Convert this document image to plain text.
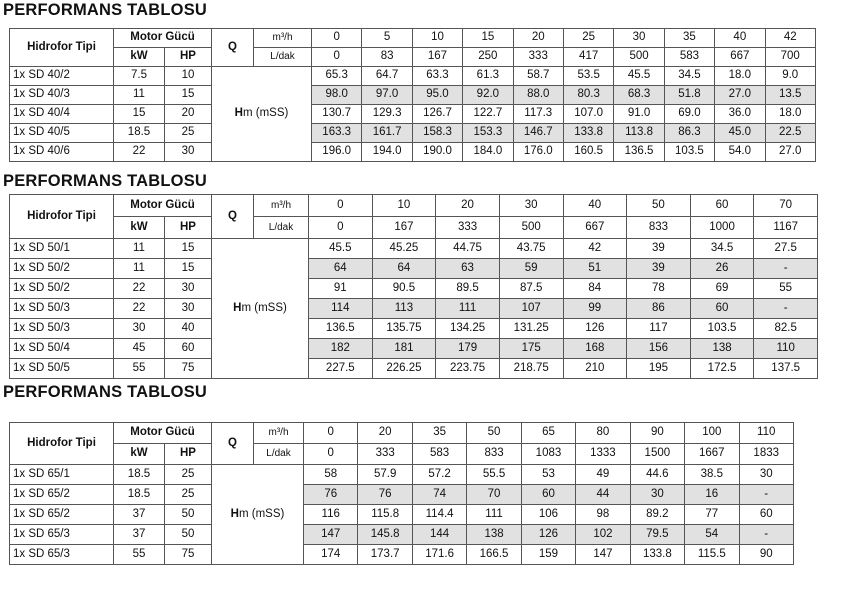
PERFORMANS TABLOSU
Hidrofor Tipi	Motor Gücü		Q	m³/h	0	5	10	15	20	25	30	35	40	42
	kW	HP		L/dak	0	83	167	250	333	417	500	583	667	700
1x SD 40/2	7.5	10	Hm (mSS)		65.3	64.7	63.3	61.3	58.7	53.5	45.5	34.5	18.0	9.0
1x SD 40/3	11	15			98.0	97.0	95.0	92.0	88.0	80.3	68.3	51.8	27.0	13.5
1x SD 40/4	15	20			130.7	129.3	126.7	122.7	117.3	107.0	91.0	69.0	36.0	18.0
1x SD 40/5	18.5	25			163.3	161.7	158.3	153.3	146.7	133.8	113.8	86.3	45.0	22.5
1x SD 40/6	22	30			196.0	194.0	190.0	184.0	176.0	160.5	136.5	103.5	54.0	27.0
PERFORMANS TABLOSU
Hidrofor Tipi	Motor Gücü		Q	m³/h	0	10	20	30	40	50	60	70
	kW	HP		L/dak	0	167	333	500	667	833	1000	1167
1x SD 50/1	11	15	Hm (mSS)		45.5	45.25	44.75	43.75	42	39	34.5	27.5
1x SD 50/2	11	15			64	64	63	59	51	39	26	-
1x SD 50/2	22	30			91	90.5	89.5	87.5	84	78	69	55
1x SD 50/3	22	30			114	113	111	107	99	86	60	-
1x SD 50/3	30	40			136.5	135.75	134.25	131.25	126	117	103.5	82.5
1x SD 50/4	45	60			182	181	179	175	168	156	138	110
1x SD 50/5	55	75			227.5	226.25	223.75	218.75	210	195	172.5	137.5
PERFORMANS TABLOSU
Hidrofor Tipi	Motor Gücü		Q	m³/h	0	20	35	50	65	80	90	100	110
	kW	HP		L/dak	0	333	583	833	1083	1333	1500	1667	1833
1x SD 65/1	18.5	25	Hm (mSS)		58	57.9	57.2	55.5	53	49	44.6	38.5	30
1x SD 65/2	18.5	25			76	76	74	70	60	44	30	16	-
1x SD 65/2	37	50			116	115.8	114.4	111	106	98	89.2	77	60
1x SD 65/3	37	50			147	145.8	144	138	126	102	79.5	54	-
1x SD 65/3	55	75			174	173.7	171.6	166.5	159	147	133.8	115.5	90
